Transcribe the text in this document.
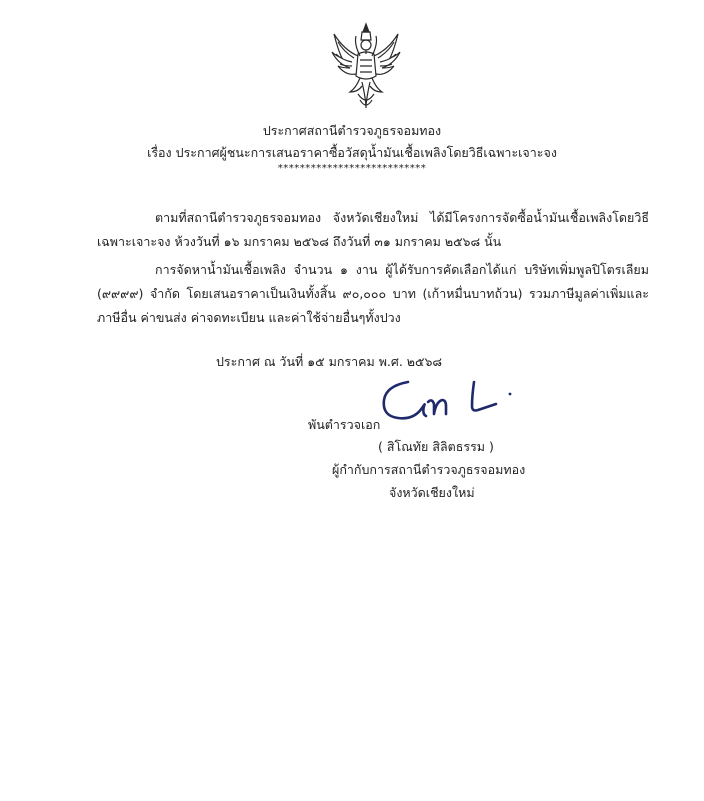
ประกาศสถานีตำรวจภูธรจอมทอง
เรื่อง ประกาศผู้ชนะการเสนอราคาซื้อวัสดุน้ำมันเชื้อเพลิงโดยวิธีเฉพาะเจาะจง
***************************
ตามที่สถานีตำรวจภูธรจอมทอง จังหวัดเชียงใหม่ ได้มีโครงการจัดซื้อน้ำมันเชื้อเพลิงโดยวิธีเฉพาะเจาะจง ห้วงวันที่ ๑๖ มกราคม ๒๕๖๘ ถึงวันที่ ๓๑ มกราคม ๒๕๖๘ นั้น
การจัดหาน้ำมันเชื้อเพลิง จำนวน ๑ งาน ผู้ได้รับการคัดเลือกได้แก่ บริษัทเพิ่มพูลปิโตรเลียม (๙๙๙๙) จำกัด โดยเสนอราคาเป็นเงินทั้งสิ้น ๙๐,๐๐๐ บาท (เก้าหมื่นบาทถ้วน) รวมภาษีมูลค่าเพิ่มและภาษีอื่น ค่าขนส่ง ค่าจดทะเบียน และค่าใช้จ่ายอื่นๆทั้งปวง
ประกาศ ณ วันที่ ๑๕ มกราคม พ.ศ. ๒๕๖๘
พันตำรวจเอก
( สิโณทัย สิลิตธรรม )
ผู้กำกับการสถานีตำรวจภูธรจอมทอง
จังหวัดเชียงใหม่
